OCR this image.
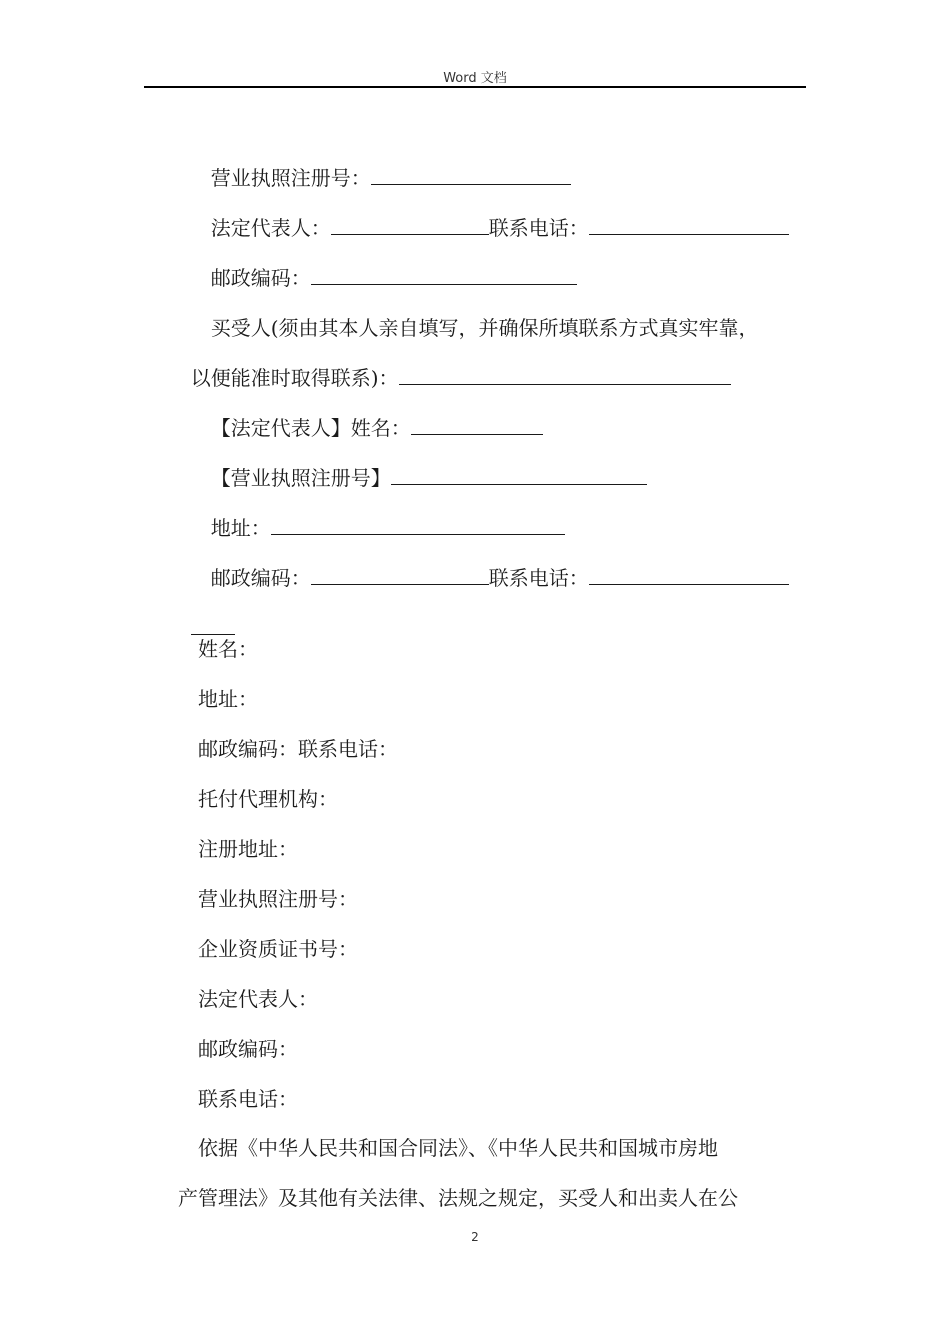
Word 文档

营业执照注册号：

法定代表人：	联系电话：

邮政编码：

买受人(须由其本人亲自填写，并确保所填联系方式真实牢靠，

以便能准时取得联系)：

【法定代表人】姓名：

【营业执照注册号】

地址：

邮政编码：	联系电话：

姓名：
地址：
邮政编码：联系电话：
托付代理机构：
注册地址：
营业执照注册号：
企业资质证书号：
法定代表人：
邮政编码：
联系电话：
依据《中华人民共和国合同法》、《中华人民共和国城市房地
产管理法》及其他有关法律、法规之规定，买受人和出卖人在公
2
